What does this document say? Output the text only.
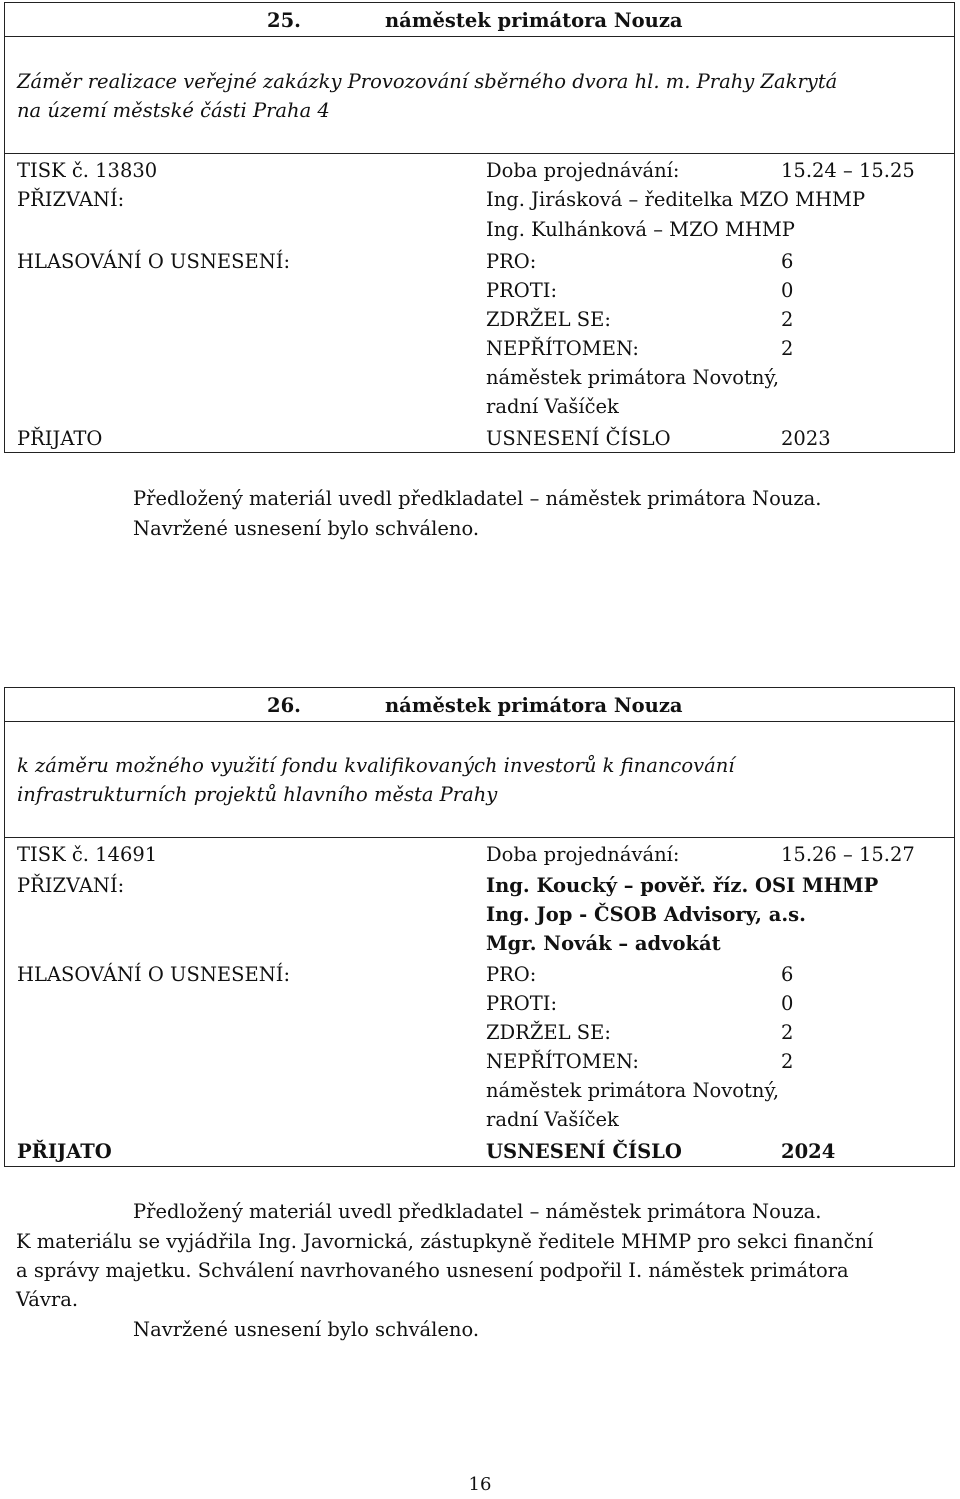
25.	náměstek primátora Nouza
Záměr realizace veřejné zakázky Provozování sběrného dvora hl. m. Prahy Zakrytá
na území městské části Praha 4
TISK č. 13830	Doba projednávání:	15.24 – 15.25
PŘIZVANÍ:	Ing. Jirásková – ředitelka MZO MHMP
Ing. Kulhánková – MZO MHMP
HLASOVÁNÍ O USNESENÍ:	PRO:	6
PROTI:	0
ZDRŽEL SE:	2
NEPŘÍTOMEN:	2
náměstek primátora Novotný,
radní Vašíček
PŘIJATO	USNESENÍ ČÍSLO	2023
Předložený materiál uvedl předkladatel – náměstek primátora Nouza.
Navržené usnesení bylo schváleno.
26.	náměstek primátora Nouza
k záměru možného využití fondu kvalifikovaných investorů k financování
infrastrukturních projektů hlavního města Prahy
TISK č. 14691	Doba projednávání:	15.26 – 15.27
PŘIZVANÍ:	Ing. Koucký – pověř. říz. OSI MHMP
Ing. Jop - ČSOB Advisory, a.s.
Mgr. Novák – advokát
HLASOVÁNÍ O USNESENÍ:	PRO:	6
PROTI:	0
ZDRŽEL SE:	2
NEPŘÍTOMEN:	2
náměstek primátora Novotný,
radní Vašíček
PŘIJATO	USNESENÍ ČÍSLO	2024
Předložený materiál uvedl předkladatel – náměstek primátora Nouza.
K materiálu se vyjádřila Ing. Javornická, zástupkyně ředitele MHMP pro sekci finanční
a správy majetku. Schválení navrhovaného usnesení podpořil I. náměstek primátora
Vávra.
Navržené usnesení bylo schváleno.
16
